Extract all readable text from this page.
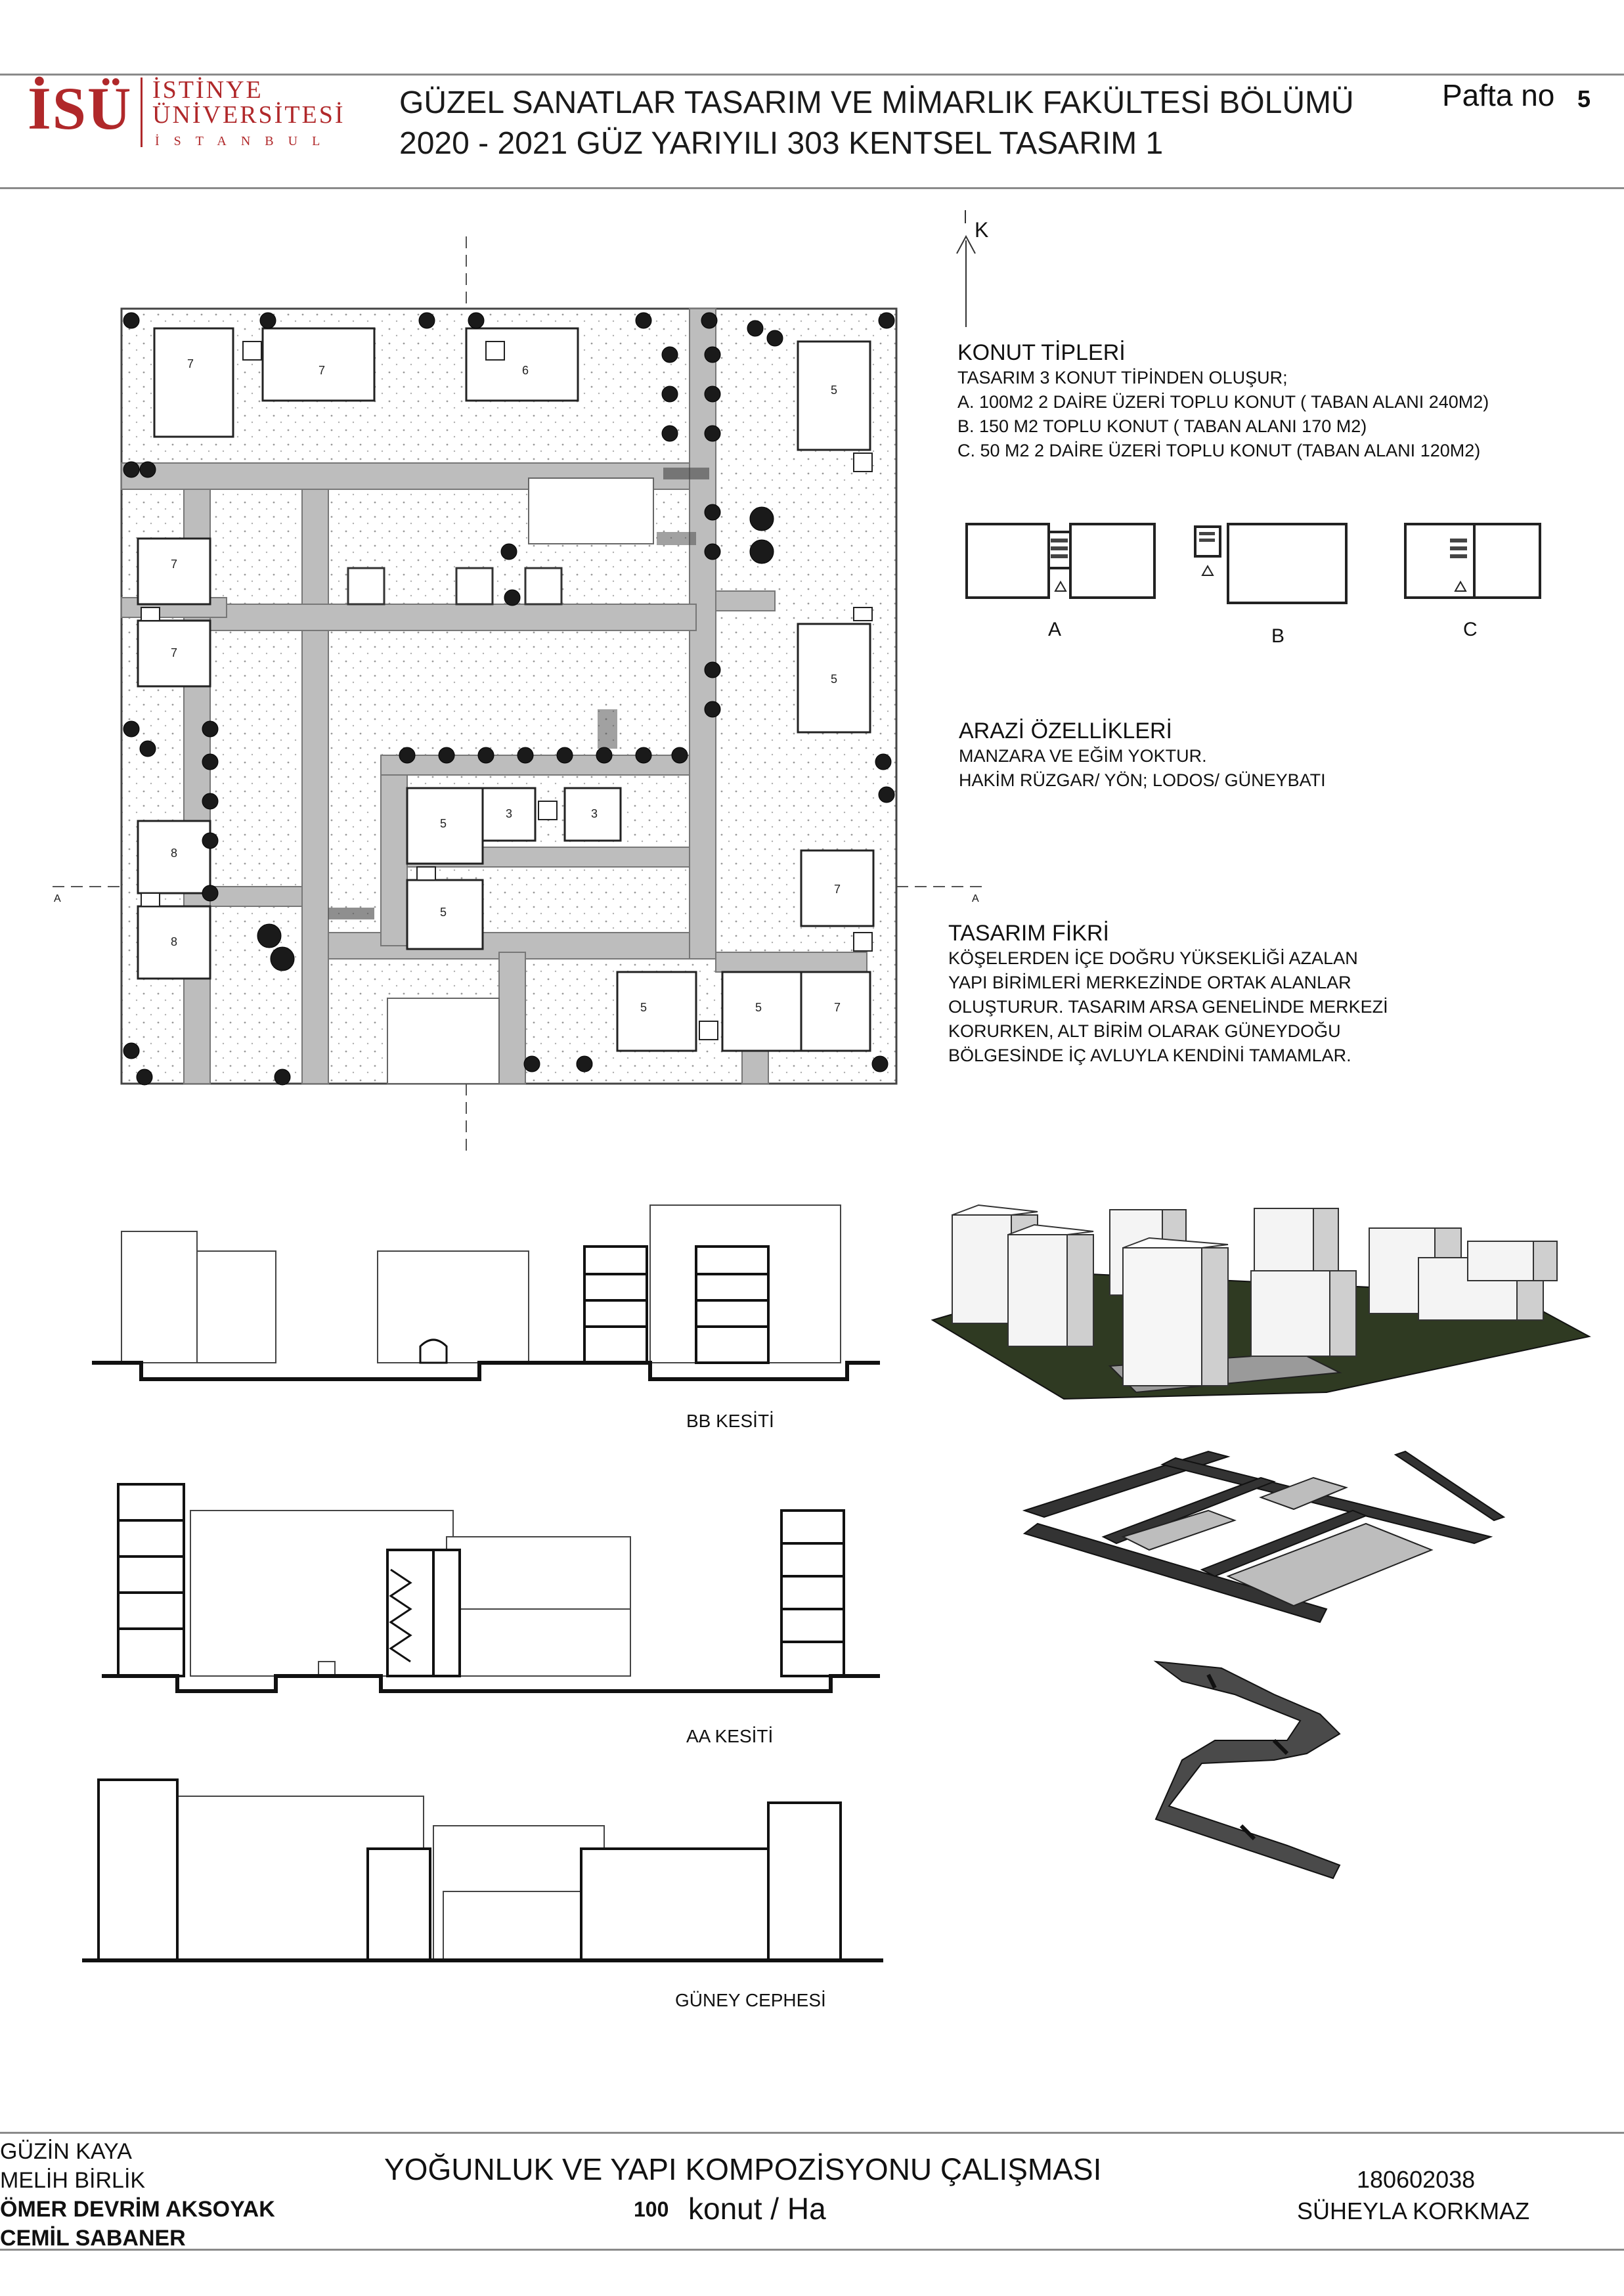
İSÜ İSTİNYE
ÜNİVERSİTESİ
İSTANBUL
GÜZEL SANATLAR TASARIM VE MİMARLIK FAKÜLTESİ BÖLÜMÜ
2020 - 2021 GÜZ YARIYILI 303 KENTSEL TASARIM 1
Pafta no 5
7	7	6
5
7
7
5
8
8
5
3	3
5
7
5	5	7
K
A	A
KONUT TİPLERİ
TASARIM 3 KONUT TİPİNDEN OLUŞUR;
A. 100M2 2 DAİRE ÜZERİ TOPLU KONUT ( TABAN ALANI 240M2)
B. 150 M2 TOPLU KONUT ( TABAN ALANI 170 M2)
C. 50 M2 2 DAİRE ÜZERİ TOPLU KONUT (TABAN ALANI 120M2)
A	B	C
ARAZİ ÖZELLİKLERİ
MANZARA VE EĞİM YOKTUR.
HAKİM RÜZGAR/ YÖN; LODOS/ GÜNEYBATI
TASARIM FİKRİ
KÖŞELERDEN İÇE DOĞRU YÜKSEKLİĞİ AZALAN
YAPI BİRİMLERİ MERKEZİNDE ORTAK ALANLAR
OLUŞTURUR. TASARIM ARSA GENELİNDE MERKEZİ
KORURKEN, ALT BİRİM OLARAK GÜNEYDOĞU
BÖLGESİNDE İÇ AVLUYLA KENDİNİ TAMAMLAR.
BB KESİTİ
AA KESİTİ
GÜNEY CEPHESİ
GÜZİN KAYA
MELİH BİRLİK
ÖMER DEVRİM AKSOYAK
CEMİL SABANER
YOĞUNLUK VE YAPI KOMPOZİSYONU ÇALIŞMASI
100 konut / Ha
180602038
SÜHEYLA KORKMAZ
